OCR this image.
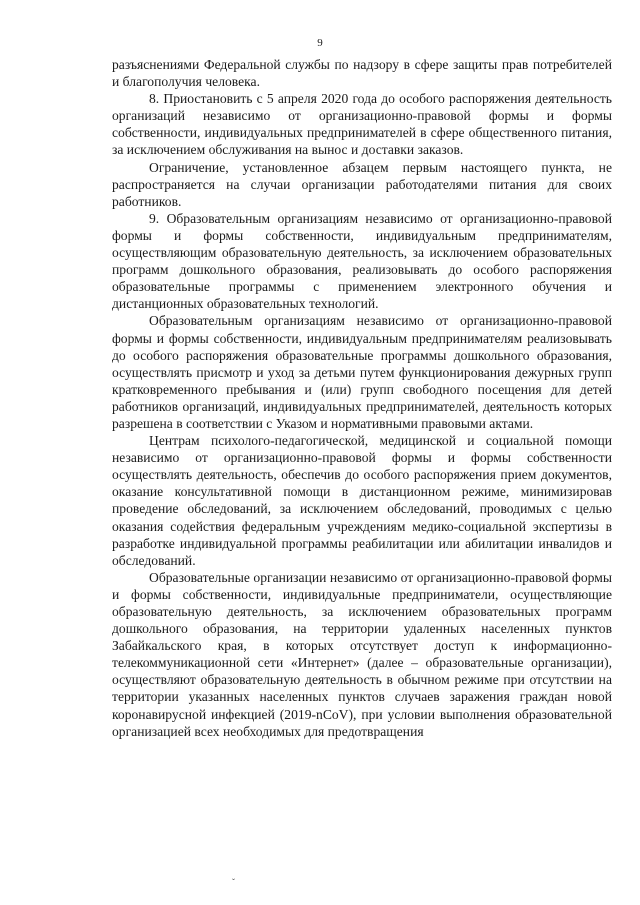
9

разъяснениями Федеральной службы по надзору в сфере защиты прав потребителей и благополучия человека.

8. Приостановить с 5 апреля 2020 года до особого распоряжения деятельность организаций независимо от организационно-правовой формы и формы собственности, индивидуальных предпринимателей в сфере общественного питания, за исключением обслуживания на вынос и доставки заказов.

Ограничение, установленное абзацем первым настоящего пункта, не распространяется на случаи организации работодателями питания для своих работников.

9. Образовательным организациям независимо от организационно-правовой формы и формы собственности, индивидуальным предпринимателям, осуществляющим образовательную деятельность, за исключением образовательных программ дошкольного образования, реализовывать до особого распоряжения образовательные программы с применением электронного обучения и дистанционных образовательных технологий.

Образовательным организациям независимо от организационно-правовой формы и формы собственности, индивидуальным предпринимателям реализовывать до особого распоряжения образовательные программы дошкольного образования, осуществлять присмотр и уход за детьми путем функционирования дежурных групп кратковременного пребывания и (или) групп свободного посещения для детей работников организаций, индивидуальных предпринимателей, деятельность которых разрешена в соответствии с Указом и нормативными правовыми актами.

Центрам психолого-педагогической, медицинской и социальной помощи независимо от организационно-правовой формы и формы собственности осуществлять деятельность, обеспечив до особого распоряжения прием документов, оказание консультативной помощи в дистанционном режиме, минимизировав проведение обследований, за исключением обследований, проводимых с целью оказания содействия федеральным учреждениям медико-социальной экспертизы в разработке индивидуальной программы реабилитации или абилитации инвалидов и обследований.

Образовательные организации независимо от организационно-правовой формы и формы собственности, индивидуальные предприниматели, осуществляющие образовательную деятельность, за исключением образовательных программ дошкольного образования, на территории удаленных населенных пунктов Забайкальского края, в которых отсутствует доступ к информационно-телекоммуникационной сети «Интернет» (далее – образовательные организации), осуществляют образовательную деятельность в обычном режиме при отсутствии на территории указанных населенных пунктов случаев заражения граждан новой коронавирусной инфекцией (2019-nCoV), при условии выполнения образовательной организацией всех необходимых для предотвращения

ˇ
